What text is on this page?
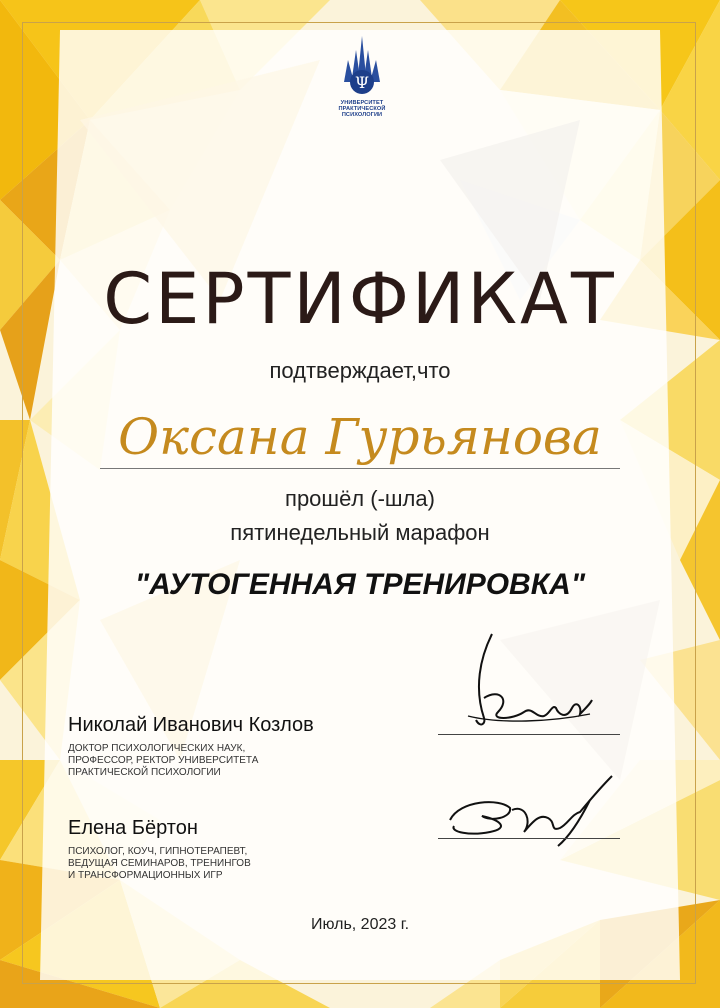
Ψ
УНИВЕРСИТЕТ
ПРАКТИЧЕСКОЙ
ПСИХОЛОГИИ
СЕРТИФИКАТ
подтверждает,что
Оксана Гурьянова
прошёл (-шла)
пятинедельный марафон
"АУТОГЕННАЯ ТРЕНИРОВКА"
Николай Иванович Козлов
ДОКТОР ПСИХОЛОГИЧЕСКИХ НАУК,
ПРОФЕССОР, РЕКТОР УНИВЕРСИТЕТА
ПРАКТИЧЕСКОЙ ПСИХОЛОГИИ
Елена Бёртон
ПСИХОЛОГ, КОУЧ, ГИПНОТЕРАПЕВТ,
ВЕДУЩАЯ СЕМИНАРОВ, ТРЕНИНГОВ
И ТРАНСФОРМАЦИОННЫХ ИГР
Июль, 2023 г.
